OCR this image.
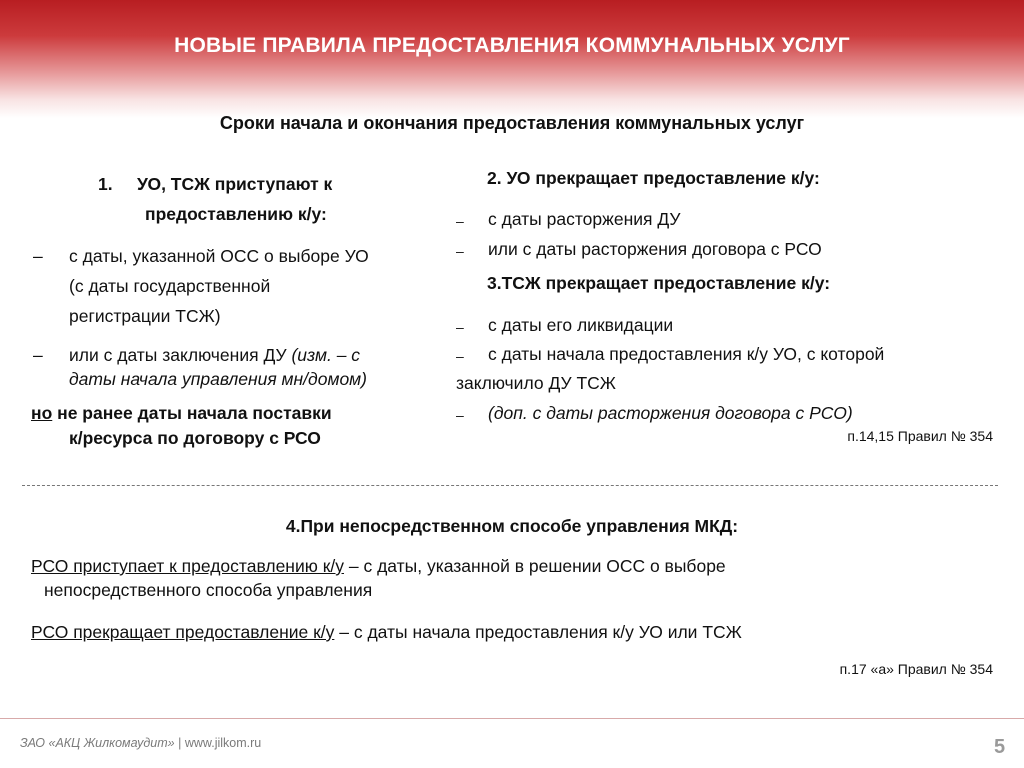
НОВЫЕ ПРАВИЛА ПРЕДОСТАВЛЕНИЯ КОММУНАЛЬНЫХ УСЛУГ
Сроки начала и окончания предоставления коммунальных услуг
1. УО, ТСЖ приступают к
предоставлению к/у:
– с даты, указанной ОСС о выборе УО
(с даты государственной
регистрации ТСЖ)
– или с даты заключения ДУ (изм. – с
даты начала управления мн/домом)
но не ранее даты начала поставки
к/ресурса по договору с РСО
2. УО прекращает предоставление к/у:
– с даты расторжения ДУ
– или с даты расторжения договора с РСО
3.ТСЖ прекращает предоставление к/у:
– с даты его ликвидации
– с даты начала предоставления к/у УО, с которой
заключило ДУ ТСЖ
– (доп. с даты расторжения договора с РСО)
п.14,15 Правил № 354
4.При непосредственном способе управления МКД:
РСО приступает к предоставлению к/у – с даты, указанной в решении ОСС о выборе
непосредственного способа управления
РСО прекращает предоставление к/у – с даты начала предоставления к/у УО или ТСЖ
п.17 «а» Правил № 354
ЗАО «АКЦ Жилкомаудит» | www.jilkom.ru	5
